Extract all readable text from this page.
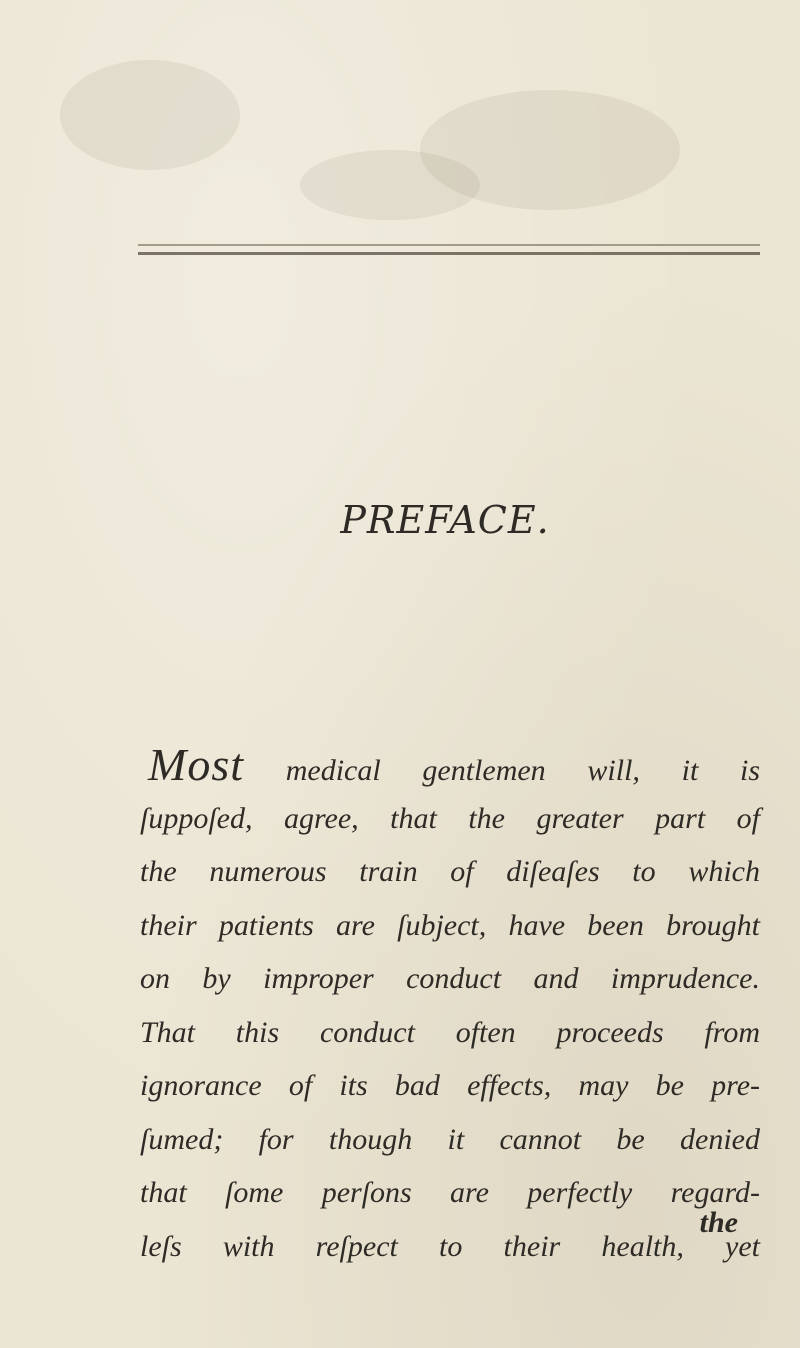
PREFACE.
Most medical gentlemen will, it is
ſuppoſed, agree, that the greater part of
the numerous train of diſeaſes to which
their patients are ſubject, have been brought
on by improper conduct and imprudence.
That this conduct often proceeds from
ignorance of its bad effects, may be pre-
ſumed; for though it cannot be denied
that ſome perſons are perfectly regard-
leſs with reſpect to their health, yet
the
